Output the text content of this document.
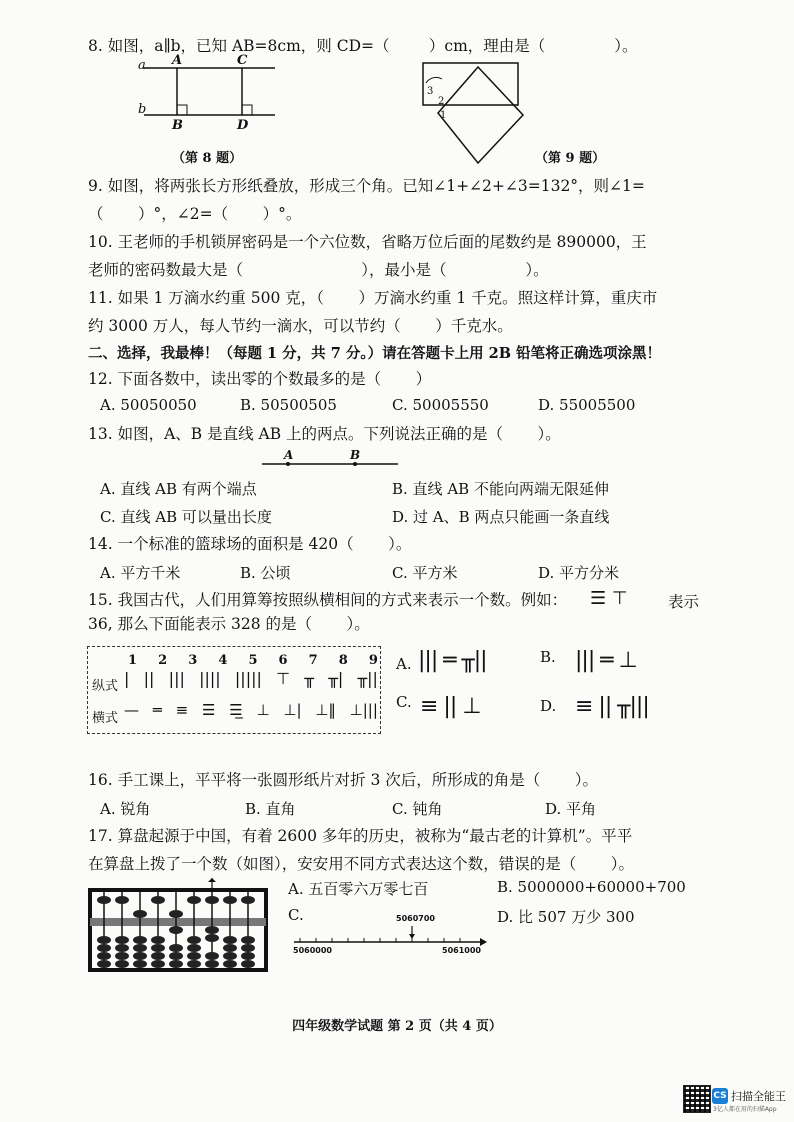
8. 如图，a∥b，已知 AB=8cm，则 CD=（        ）cm，理由是（              ）。
a
b
A	C
B	D
（第 8 题）
3
2
1
（第 9 题）
9. 如图，将两张长方形纸叠放，形成三个角。已知∠1+∠2+∠3=132°，则∠1=
（       ）°，∠2=（       ）°。
10. 王老师的手机锁屏密码是一个六位数，省略万位后面的尾数约是 890000，王
老师的密码数最大是（                        ），最小是（                ）。
11. 如果 1 万滴水约重 500 克，（       ）万滴水约重 1 千克。照这样计算，重庆市
约 3000 万人，每人节约一滴水，可以节约（       ）千克水。
二、选择，我最棒！（每题 1 分，共 7 分。）请在答题卡上用 2B 铅笔将正确选项涂黑！
12. 下面各数中，读出零的个数最多的是（       ）
A. 50050050	B. 50500505	C. 50005550	D. 55005500
13. 如图，A、B 是直线 AB 上的两点。下列说法正确的是（       ）。
A	B
A. 直线 AB 有两个端点	B. 直线 AB 不能向两端无限延伸
C. 直线 AB 可以量出长度	D. 过 A、B 两点只能画一条直线
14. 一个标准的篮球场的面积是 420（       ）。
A. 平方千米	B. 公顷	C. 平方米	D. 平方分米
15. 我国古代，人们用算筹按照纵横相间的方式来表示一个数。例如： ☰ ⊤	表示
36, 那么下面能表示 328 的是（       ）。
1 2 3 4 5 6 7 8 9
纵式 | || ||| |||| ||||| ⊤ ╥ ╥| ╥||
横式 — ═ ≡ ☰ ☰̲ ⊥ ⊥| ⊥‖ ⊥|||
A. ||| ═ ╥||	B. ||| ═ ⊥
C. ≡ || ⊥	D. ≡ || ╥|||
16. 手工课上，平平将一张圆形纸片对折 3 次后，所形成的角是（       ）。
A. 锐角	B. 直角	C. 钝角	D. 平角
17. 算盘起源于中国，有着 2600 多年的历史，被称为“最古老的计算机”。平平
在算盘上拨了一个数（如图），安安用不同方式表达这个数，错误的是（       ）。
A. 五百零六万零七百	B. 5000000+60000+700
C.	D. 比 507 万少 300
5060700
5060000	5061000
四年级数学试题 第 2 页（共 4 页）
CS 扫描全能王
3亿人都在用的扫描App
